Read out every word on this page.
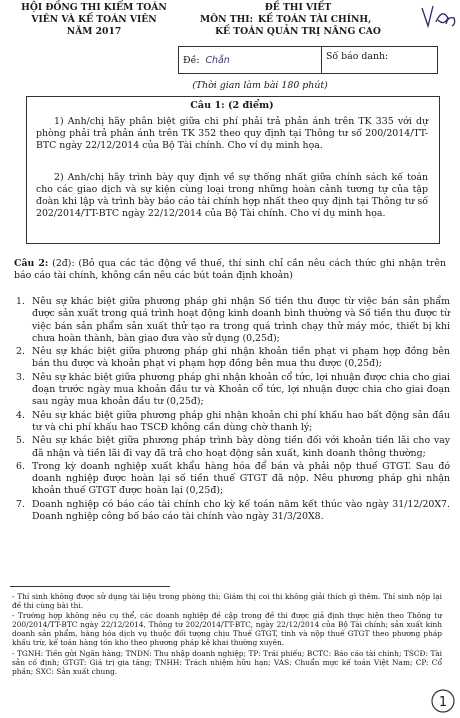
HỘI ĐỒNG THI KIỂM TOÁN
VIÊN VÀ KẾ TOÁN VIÊN
NĂM 2017
ĐỀ THI VIẾT
MÔN THI: KẾ TOÁN TÀI CHÍNH,
KẾ TOÁN QUẢN TRỊ NÂNG CAO
Đề: Chẵn	Số báo danh:
(Thời gian làm bài 180 phút)
Câu 1: (2 điểm)
1) Anh/chị hãy phân biệt giữa chi phí phải trả phản ánh trên TK 335 với dự phòng phải trả phản ánh trên TK 352 theo quy định tại Thông tư số 200/2014/TT-BTC ngày 22/12/2014 của Bộ Tài chính. Cho ví dụ minh họa.
2) Anh/chị hãy trình bày quy định về sự thống nhất giữa chính sách kế toán cho các giao dịch và sự kiện cùng loại trong những hoàn cảnh tương tự của tập đoàn khi lập và trình bày báo cáo tài chính hợp nhất theo quy định tại Thông tư số 202/2014/TT-BTC ngày 22/12/2014 của Bộ Tài chính. Cho ví dụ minh họa.
Câu 2: (2đ): (Bỏ qua các tác động về thuế, thí sinh chỉ cần nêu cách thức ghi nhận trên báo cáo tài chính, không cần nêu các bút toán định khoản)
1. Nêu sự khác biệt giữa phương pháp ghi nhận Số tiền thu được từ việc bán sản phẩm được sản xuất trong quá trình hoạt động kinh doanh bình thường và Số tiền thu được từ việc bán sản phẩm sản xuất thử tạo ra trong quá trình chạy thử máy móc, thiết bị khi chưa hoàn thành, bàn giao đưa vào sử dụng (0,25đ);
2. Nêu sự khác biệt giữa phương pháp ghi nhận khoản tiền phạt vi phạm hợp đồng bên bán thu được và khoản phạt vi phạm hợp đồng bên mua thu được (0,25đ);
3. Nêu sự khác biệt giữa phương pháp ghi nhận khoản cổ tức, lợi nhuận được chia cho giai đoạn trước ngày mua khoản đầu tư và Khoản cổ tức, lợi nhuận được chia cho giai đoạn sau ngày mua khoản đầu tư (0,25đ);
4. Nêu sự khác biệt giữa phương pháp ghi nhận khoản chi phí khấu hao bất động sản đầu tư và chi phí khấu hao TSCĐ không cần dùng chờ thanh lý;
5. Nêu sự khác biệt giữa phương pháp trình bày dòng tiền đối với khoản tiền lãi cho vay đã nhận và tiền lãi đi vay đã trả cho hoạt động sản xuất, kinh doanh thông thường;
6. Trong kỳ doanh nghiệp xuất khẩu hàng hóa để bán và phải nộp thuế GTGT. Sau đó doanh nghiệp được hoàn lại số tiền thuế GTGT đã nộp. Nêu phương pháp ghi nhận khoản thuế GTGT được hoàn lại (0,25đ);
7. Doanh nghiệp có báo cáo tài chính cho kỳ kế toán năm kết thúc vào ngày 31/12/20X7. Doanh nghiệp công bố báo cáo tài chính vào ngày 31/3/20X8.

- Thí sinh không được sử dụng tài liệu trong phòng thi; Giám thị coi thi không giải thích gì thêm. Thí sinh nộp lại đề thi cùng bài thi.

- Trường hợp không nêu cụ thể, các doanh nghiệp đề cập trong đề thi được giả định thực hiện theo Thông tư 200/2014/TT-BTC ngày 22/12/2014, Thông tư 202/2014/TT-BTC, ngày 22/12/2014 của Bộ Tài chính; sản xuất kinh doanh sản phẩm, hàng hóa dịch vụ thuộc đối tượng chịu Thuế GTGT, tính và nộp thuế GTGT theo phương pháp khấu trừ, kế toán hàng tồn kho theo phương pháp kê khai thường xuyên.

- TGNH: Tiền gửi Ngân hàng; TNDN: Thu nhập doanh nghiệp; TP: Trái phiếu; BCTC: Báo cáo tài chính; TSCĐ: Tài sản cố định; GTGT: Giá trị gia tăng; TNHH: Trách nhiệm hữu hạn; VAS: Chuẩn mực kế toán Việt Nam; CP: Cổ phần; SXC: Sản xuất chung.

1
